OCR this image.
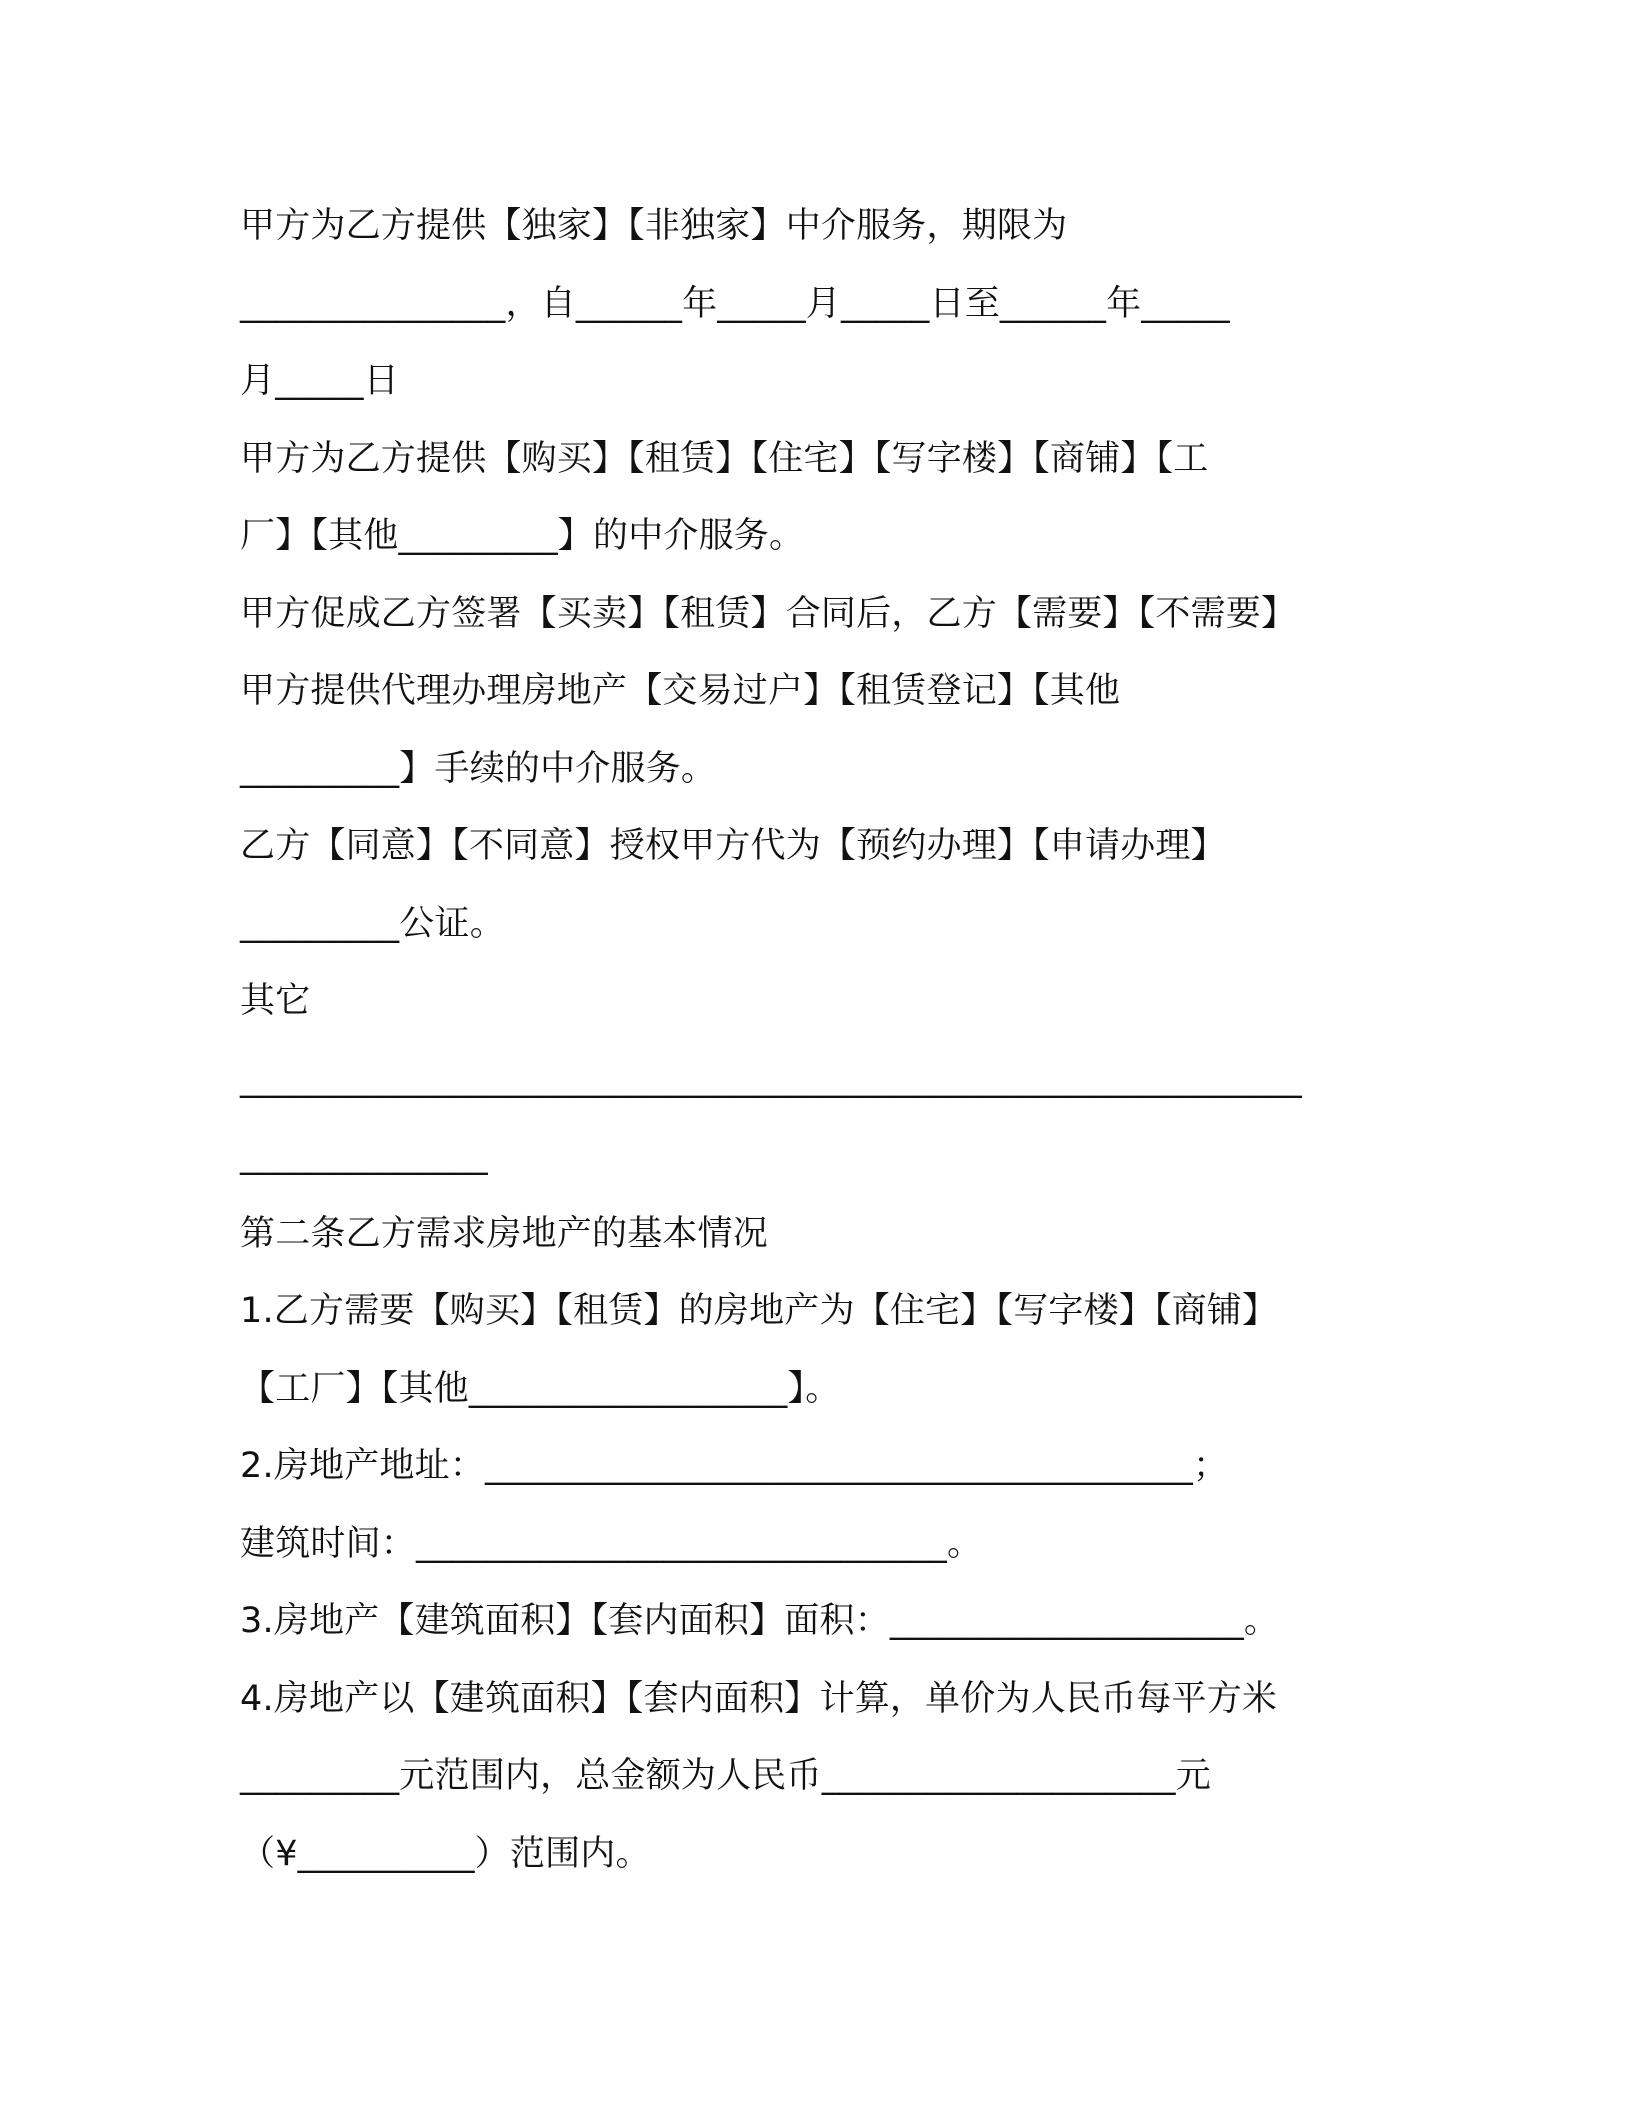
甲方为乙方提供【独家】【非独家】中介服务，期限为
_______________，自______年_____月_____日至______年_____
月_____日
甲方为乙方提供【购买】【租赁】【住宅】【写字楼】【商铺】【工
厂】【其他_________】的中介服务。
甲方促成乙方签署【买卖】【租赁】合同后，乙方【需要】【不需要】
甲方提供代理办理房地产【交易过户】【租赁登记】【其他
_________】手续的中介服务。
乙方【同意】【不同意】授权甲方代为【预约办理】【申请办理】
_________公证。
其它
____________________________________________________________
______________
第二条乙方需求房地产的基本情况
1.乙方需要【购买】【租赁】的房地产为【住宅】【写字楼】【商铺】
【工厂】【其他__________________】。
2.房地产地址：________________________________________；
建筑时间：______________________________。
3.房地产【建筑面积】【套内面积】面积：____________________。
4.房地产以【建筑面积】【套内面积】计算，单价为人民币每平方米
_________元范围内，总金额为人民币____________________元
（¥__________）范围内。
